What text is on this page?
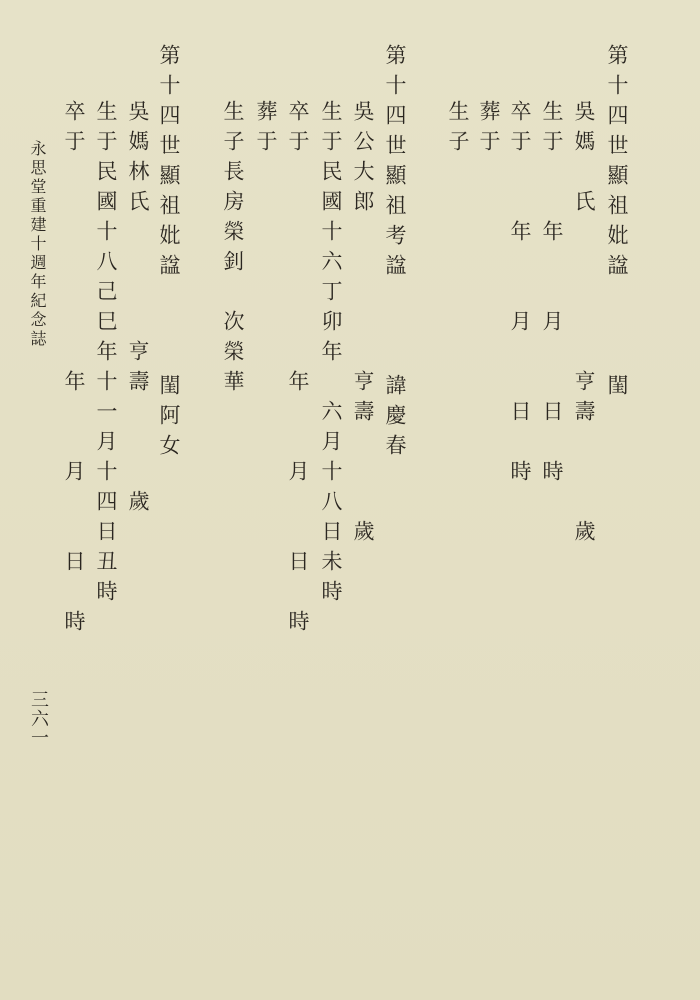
第十四世顯祖妣諡　　　閨

吳媽　氏　　　　　亨壽　　　歲

生于　　年　　月　　日　時

卒于　　年　　月　　日　時

葬于

生子

第十四世顯祖考諡　　　諱慶春

吳公大郎　　　　　亨壽　　　歲

生于民國十六丁卯年　六月十八日未時

卒于　　　　　　　年　　月　　日　時

葬于

生子長房榮釗　次榮華

第十四世顯祖妣諡　　　閨阿女

吳媽林氏　　　　亨壽　　　歲

生于民國十八己巳年十一月十四日丑時

卒于　　　　　　　年　　月　　日　時

永思堂重建十週年紀念誌

三六一
